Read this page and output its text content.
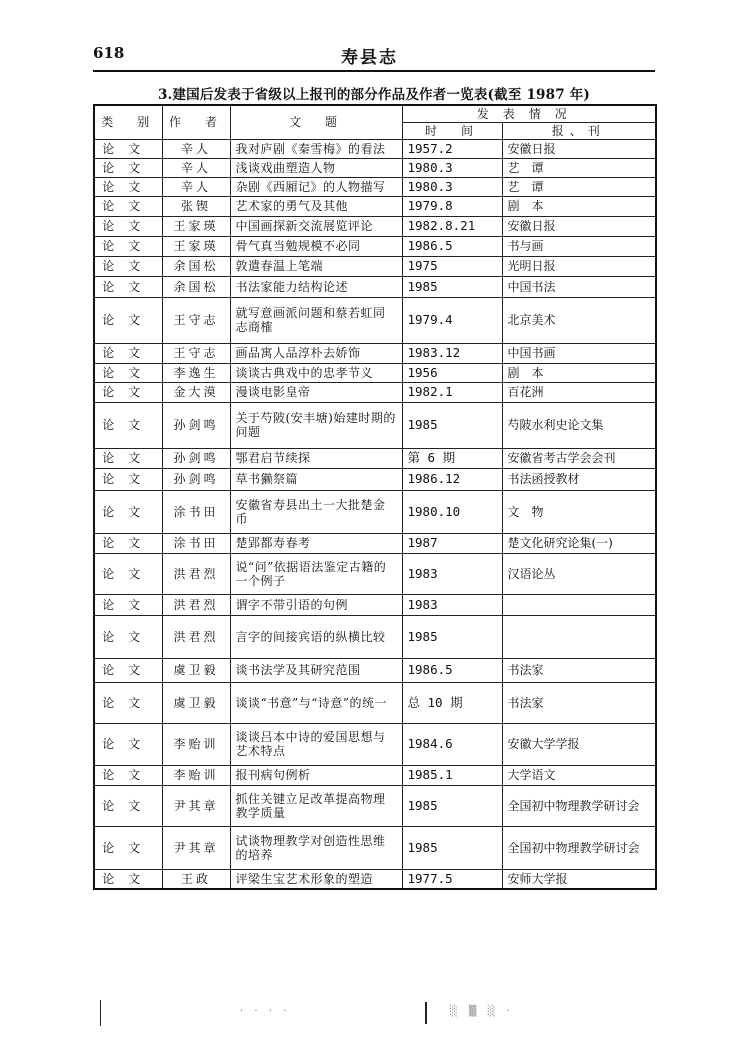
618	寿县志
3.建国后发表于省级以上报刊的部分作品及作者一览表(截至 1987 年)
类　别	作　者	文　题	发表情况	
			时　间	报、刊
论文	辛人	我对庐剧《秦雪梅》的看法	1957.2	安徽日报
论文	辛人	浅谈戏曲塑造人物	1980.3	艺　谭
论文	辛人	杂剧《西厢记》的人物描写	1980.3	艺　谭
论文	张锲	艺术家的勇气及其他	1979.8	剧　本
论文	王家瑛	中国画探新交流展览评论	1982.8.21	安徽日报
论文	王家瑛	骨气真当勉规模不必同	1986.5	书与画
论文	余国松	敦遣春温上笔端	1975	光明日报
论文	余国松	书法家能力结构论述	1985	中国书法
论文	王守志	就写意画派问题和蔡若虹同志商榷	1979.4	北京美术
论文	王守志	画品寓人品淳朴去娇饰	1983.12	中国书画
论文	李逸生	谈谈古典戏中的忠孝节义	1956	剧　本
论文	金大漠	漫谈电影皇帝	1982.1	百花洲
论文	孙剑鸣	关于芍陂(安丰塘)始建时期的问题	1985	芍陂水利史论文集
论文	孙剑鸣	鄂君启节续探	第 6 期	安徽省考古学会会刊
论文	孙剑鸣	草书獭祭篇	1986.12	书法函授教材
论文	涂书田	安徽省寿县出土一大批楚金币	1980.10	文　物
论文	涂书田	楚郢都寿春考	1987	楚文化研究论集(一)
论文	洪君烈	说“问”依据语法鉴定古籍的一个例子	1983	汉语论丛
论文	洪君烈	谓字不带引语的句例	1983	
论文	洪君烈	言字的间接宾语的纵横比较	1985	
论文	虞卫毅	谈书法学及其研究范围	1986.5	书法家
论文	虞卫毅	谈谈“书意”与“诗意”的统一	总 10 期	书法家
论文	李贻训	谈谈吕本中诗的爱国思想与艺术特点	1984.6	安徽大学学报
论文	李贻训	报刊病句例析	1985.1	大学语文
论文	尹其章	抓住关键立足改革提高物理教学质量	1985	全国初中物理教学研讨会
论文	尹其章	试谈物理教学对创造性思维的培养	1985	全国初中物理教学研讨会
论文	王政	评梁生宝艺术形象的塑造	1977.5	安师大学报
· · · ·	░ ▒ ░ ·
